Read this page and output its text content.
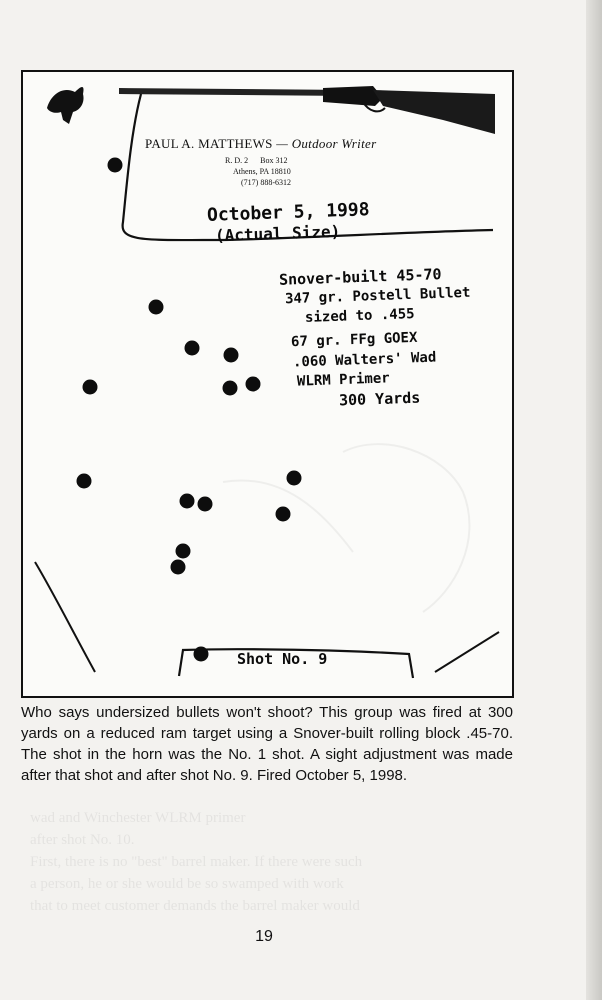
wad and Winchester WLRM primer
after shot No. 10.
First, there is no "best" barrel maker. If there were such
a person, he or she would be so swamped with work
that to meet customer demands the barrel maker would
PAUL A. MATTHEWS — Outdoor Writer
R. D. 2 Box 312
Athens, PA 18810
(717) 888-6312
October 5, 1998
(Actual Size)
Snover-built 45-70
347 gr. Postell Bullet
sized to .455
67 gr. FFg GOEX
.060 Walters' Wad
WLRM Primer
300 Yards
Shot No. 9
Who says undersized bullets won't shoot? This group was fired at 300 yards on a reduced ram target using a Snover-built rolling block .45-70. The shot in the horn was the No. 1 shot. A sight adjustment was made after that shot and after shot No. 9. Fired October 5, 1998.
19
